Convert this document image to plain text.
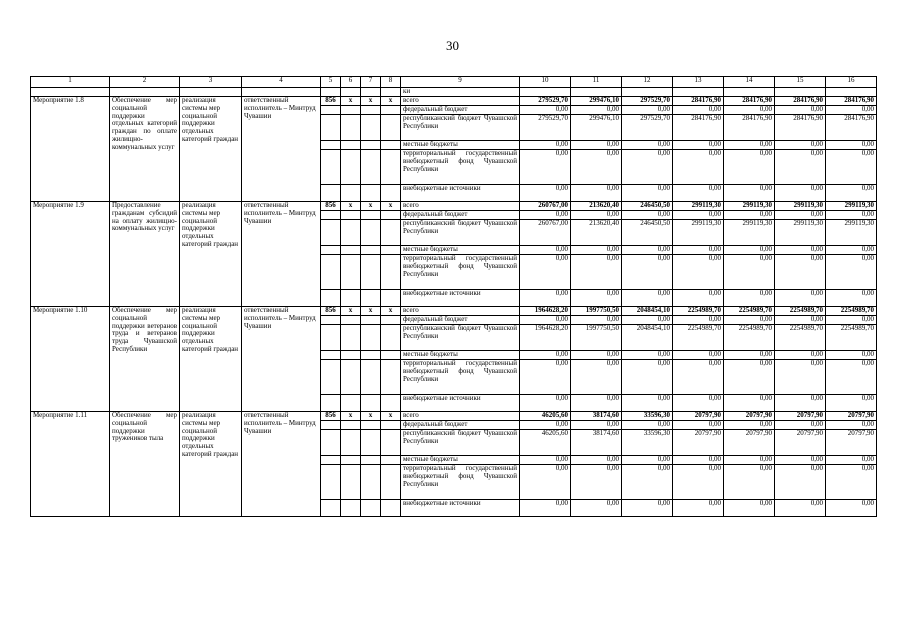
30
1	2	3	4	5	6	7	8	9	10	11	12	13	14	15	16
								ки							
Мероприятие 1.8	Обеспечение мер социальной поддержки отдельных категорий граждан по оплате жилищно-коммунальных услуг	реализация системы мер социальной поддержки отдельных категорий граждан	ответственный исполнитель – Минтруд Чувашии	856	х	х	х	всего	279529,70	299476,10	297529,70	284176,90	284176,90	284176,90	284176,90
								федеральный бюджет	0,00	0,00	0,00	0,00	0,00	0,00	0,00
								республиканский бюджет Чувашской Республики	279529,70	299476,10	297529,70	284176,90	284176,90	284176,90	284176,90
								местные бюджеты	0,00	0,00	0,00	0,00	0,00	0,00	0,00
								территориальный государственный внебюджетный фонд Чувашской Республики	0,00	0,00	0,00	0,00	0,00	0,00	0,00
								внебюджетные источники	0,00	0,00	0,00	0,00	0,00	0,00	0,00
Мероприятие 1.9	Предоставление гражданам субсидий на оплату жилищно-коммунальных услуг	реализация системы мер социальной поддержки отдельных категорий граждан	ответственный исполнитель – Минтруд Чувашии	856	х	х	х	всего	260767,00	213620,40	246450,50	299119,30	299119,30	299119,30	299119,30
								федеральный бюджет	0,00	0,00	0,00	0,00	0,00	0,00	0,00
								республиканский бюджет Чувашской Республики	260767,00	213620,40	246450,50	299119,30	299119,30	299119,30	299119,30
								местные бюджеты	0,00	0,00	0,00	0,00	0,00	0,00	0,00
								территориальный государственный внебюджетный фонд Чувашской Республики	0,00	0,00	0,00	0,00	0,00	0,00	0,00
								внебюджетные источники	0,00	0,00	0,00	0,00	0,00	0,00	0,00
Мероприятие 1.10	Обеспечение мер социальной поддержки ветеранов труда и ветеранов труда Чувашской Республики	реализация системы мер социальной поддержки отдельных категорий граждан	ответственный исполнитель – Минтруд Чувашии	856	х	х	х	всего	1964628,20	1997750,50	2048454,10	2254989,70	2254989,70	2254989,70	2254989,70
								федеральный бюджет	0,00	0,00	0,00	0,00	0,00	0,00	0,00
								республиканский бюджет Чувашской Республики	1964628,20	1997750,50	2048454,10	2254989,70	2254989,70	2254989,70	2254989,70
								местные бюджеты	0,00	0,00	0,00	0,00	0,00	0,00	0,00
								территориальный государственный внебюджетный фонд Чувашской Республики	0,00	0,00	0,00	0,00	0,00	0,00	0,00
								внебюджетные источники	0,00	0,00	0,00	0,00	0,00	0,00	0,00
Мероприятие 1.11	Обеспечение мер социальной поддержки тружеников тыла	реализация системы мер социальной поддержки отдельных категорий граждан	ответственный исполнитель – Минтруд Чувашии	856	х	х	х	всего	46205,60	38174,60	33596,30	20797,90	20797,90	20797,90	20797,90
								федеральный бюджет	0,00	0,00	0,00	0,00	0,00	0,00	0,00
								республиканский бюджет Чувашской Республики	46205,60	38174,60	33596,30	20797,90	20797,90	20797,90	20797,90
								местные бюджеты	0,00	0,00	0,00	0,00	0,00	0,00	0,00
								территориальный государственный внебюджетный фонд Чувашской Республики	0,00	0,00	0,00	0,00	0,00	0,00	0,00
								внебюджетные источники	0,00	0,00	0,00	0,00	0,00	0,00	0,00
